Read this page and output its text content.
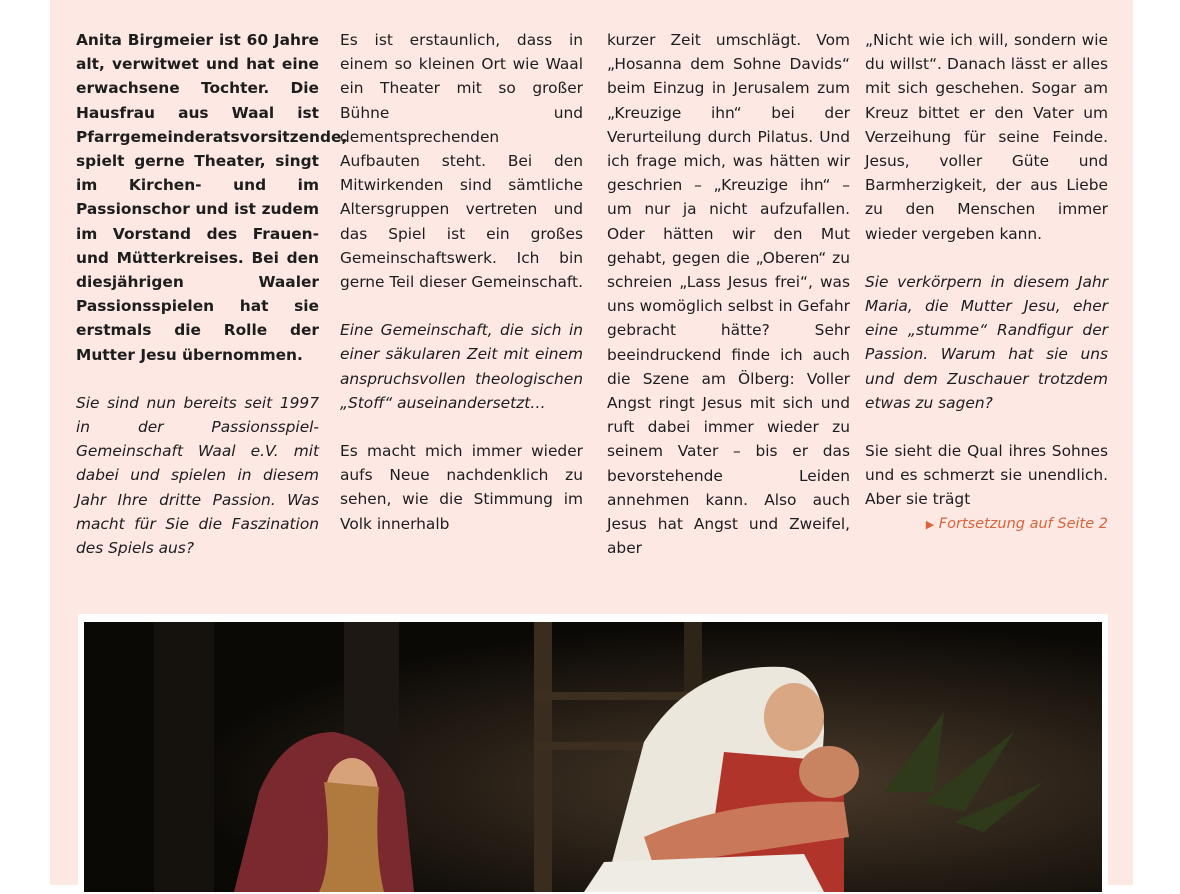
Anita Birgmeier ist 60 Jahre alt, verwitwet und hat eine erwachsene Tochter. Die Hausfrau aus Waal ist Pfarrgemeinderatsvorsitzende, spielt gerne Theater, singt im Kirchen- und im Passionschor und ist zudem im Vorstand des Frauen- und Mütterkreises. Bei den diesjährigen Waaler Passionsspielen hat sie erstmals die Rolle der Mutter Jesu übernommen.

Sie sind nun bereits seit 1997 in der Passionsspiel-Gemeinschaft Waal e.V. mit dabei und spielen in diesem Jahr Ihre dritte Passion. Was macht für Sie die Faszination des Spiels aus?

Es ist erstaunlich, dass in einem so kleinen Ort wie Waal ein Theater mit so großer Bühne und dementsprechenden Aufbauten steht. Bei den Mitwirkenden sind sämtliche Altersgruppen vertreten und das Spiel ist ein großes Gemeinschaftswerk. Ich bin gerne Teil dieser Gemeinschaft.

Eine Gemeinschaft, die sich in einer säkularen Zeit mit einem anspruchsvollen theologischen „Stoff“ auseinandersetzt…

Es macht mich immer wieder aufs Neue nachdenklich zu sehen, wie die Stimmung im Volk innerhalb

kurzer Zeit umschlägt. Vom „Hosanna dem Sohne Davids“ beim Einzug in Jerusalem zum „Kreuzige ihn“ bei der Verurteilung durch Pilatus. Und ich frage mich, was hätten wir geschrien – „Kreuzige ihn“ – um nur ja nicht aufzufallen. Oder hätten wir den Mut gehabt, gegen die „Oberen“ zu schreien „Lass Jesus frei“, was uns womöglich selbst in Gefahr gebracht hätte? Sehr beeindruckend finde ich auch die Szene am Ölberg: Voller Angst ringt Jesus mit sich und ruft dabei immer wieder zu seinem Vater – bis er das bevorstehende Leiden annehmen kann. Also auch Jesus hat Angst und Zweifel, aber

„Nicht wie ich will, sondern wie du willst“. Danach lässt er alles mit sich geschehen. Sogar am Kreuz bittet er den Vater um Verzeihung für seine Feinde. Jesus, voller Güte und Barmherzigkeit, der aus Liebe zu den Menschen immer wieder vergeben kann.

Sie verkörpern in diesem Jahr Maria, die Mutter Jesu, eher eine „stumme“ Randfigur der Passion. Warum hat sie uns und dem Zuschauer trotzdem etwas zu sagen?

Sie sieht die Qual ihres Sohnes und es schmerzt sie unendlich. Aber sie trägt

▶ Fortsetzung auf Seite 2
